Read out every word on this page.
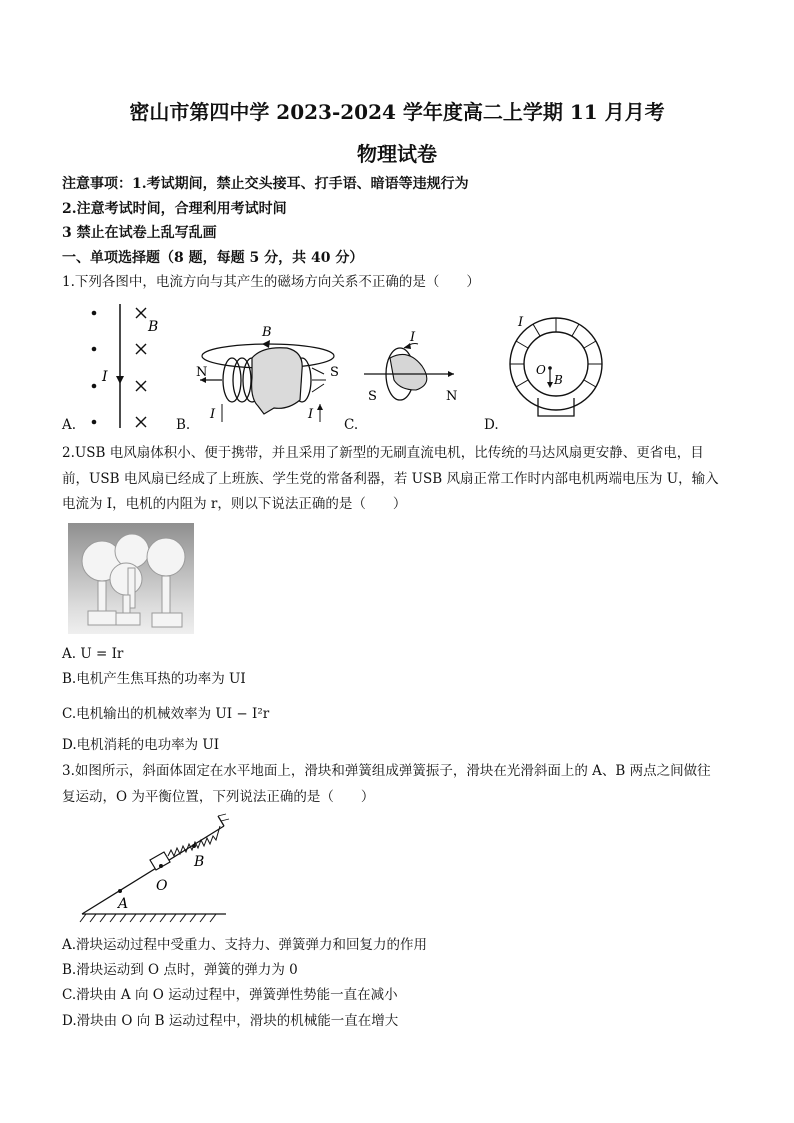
密山市第四中学 2023-2024 学年度高二上学期 11 月月考
物理试卷
注意事项：1.考试期间，禁止交头接耳、打手语、暗语等违规行为
2.注意考试时间，合理利用考试时间
3 禁止在试卷上乱写乱画
一、单项选择题（8 题，每题 5 分，共 40 分）
1.下列各图中，电流方向与其产生的磁场方向关系不正确的是（　　）
B
I
A.
B
N	S
I	I
B.
I
S	N
C.
I
O
B
D.
2.USB 电风扇体积小、便于携带，并且采用了新型的无刷直流电机，比传统的马达风扇更安静、更省电，目
前，USB 电风扇已经成了上班族、学生党的常备利器，若 USB 风扇正常工作时内部电机两端电压为 U，输入
电流为 I，电机的内阻为 r，则以下说法正确的是（　　）
A. U = Ir
B.电机产生焦耳热的功率为 UI
C.电机输出的机械效率为 UI − I²r
D.电机消耗的电功率为 UI
3.如图所示，斜面体固定在水平地面上，滑块和弹簧组成弹簧振子，滑块在光滑斜面上的 A、B 两点之间做往
复运动，O 为平衡位置，下列说法正确的是（　　）
A
O
B
A.滑块运动过程中受重力、支持力、弹簧弹力和回复力的作用
B.滑块运动到 O 点时，弹簧的弹力为 0
C.滑块由 A 向 O 运动过程中，弹簧弹性势能一直在减小
D.滑块由 O 向 B 运动过程中，滑块的机械能一直在增大
